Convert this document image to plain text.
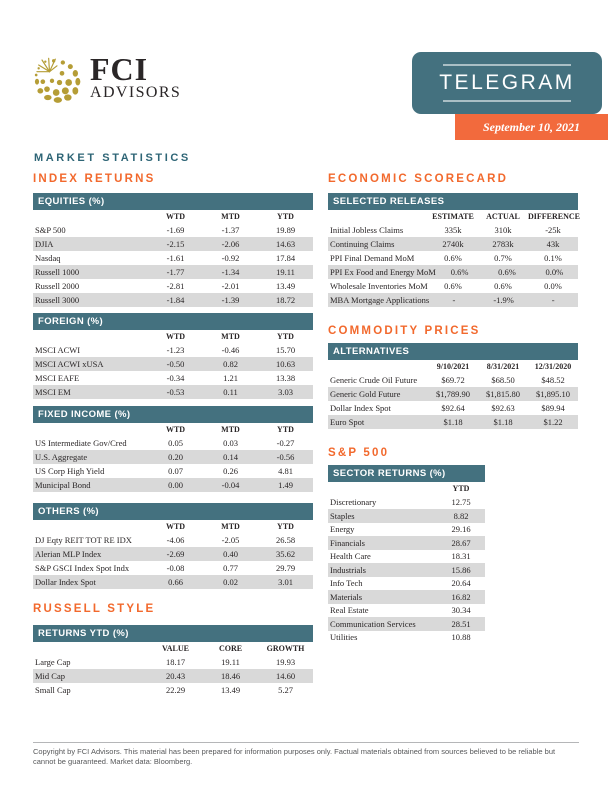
FCI
ADVISORS	TELEGRAM
September 10, 2021
MARKET STATISTICS
INDEX RETURNS
EQUITIES (%)
WTD	MTD	YTD
S&P 500	-1.69	-1.37	19.89
DJIA	-2.15	-2.06	14.63
Nasdaq	-1.61	-0.92	17.84
Russell 1000	-1.77	-1.34	19.11
Russell 2000	-2.81	-2.01	13.49
Russell 3000	-1.84	-1.39	18.72
FOREIGN (%)
WTD	MTD	YTD
MSCI ACWI	-1.23	-0.46	15.70
MSCI ACWI xUSA	-0.50	0.82	10.63
MSCI EAFE	-0.34	1.21	13.38
MSCI EM	-0.53	0.11	3.03
FIXED INCOME (%)
WTD	MTD	YTD
US Intermediate Gov/Cred	0.05	0.03	-0.27
U.S. Aggregate	0.20	0.14	-0.56
US Corp High Yield	0.07	0.26	4.81
Municipal Bond	0.00	-0.04	1.49
OTHERS (%)
WTD	MTD	YTD
DJ Eqty REIT TOT RE IDX	-4.06	-2.05	26.58
Alerian MLP Index	-2.69	0.40	35.62
S&P GSCI Index Spot Indx	-0.08	0.77	29.79
Dollar Index Spot	0.66	0.02	3.01
RUSSELL STYLE
RETURNS YTD (%)
VALUE	CORE	GROWTH
Large Cap	18.17	19.11	19.93
Mid Cap	20.43	18.46	14.60
Small Cap	22.29	13.49	5.27
ECONOMIC SCORECARD
SELECTED RELEASES
ESTIMATE	ACTUAL	DIFFERENCE
Initial Jobless Claims	335k	310k	-25k
Continuing Claims	2740k	2783k	43k
PPI Final Demand MoM	0.6%	0.7%	0.1%
PPI Ex Food and Energy MoM	0.6%	0.6%	0.0%
Wholesale Inventories MoM	0.6%	0.6%	0.0%
MBA Mortgage Applications	-	-1.9%	-
COMMODITY PRICES
ALTERNATIVES
9/10/2021	8/31/2021	12/31/2020
Generic Crude Oil Future	$69.72	$68.50	$48.52
Generic Gold Future	$1,789.90	$1,815.80	$1,895.10
Dollar Index Spot	$92.64	$92.63	$89.94
Euro Spot	$1.18	$1.18	$1.22
S&P 500
SECTOR RETURNS (%)
YTD
Discretionary	12.75
Staples	8.82
Energy	29.16
Financials	28.67
Health Care	18.31
Industrials	15.86
Info Tech	20.64
Materials	16.82
Real Estate	30.34
Communication Services	28.51
Utilities	10.88
Copyright by FCI Advisors. This material has been prepared for information purposes only. Factual materials obtained from sources believed to be reliable but cannot be guaranteed. Market data: Bloomberg.
